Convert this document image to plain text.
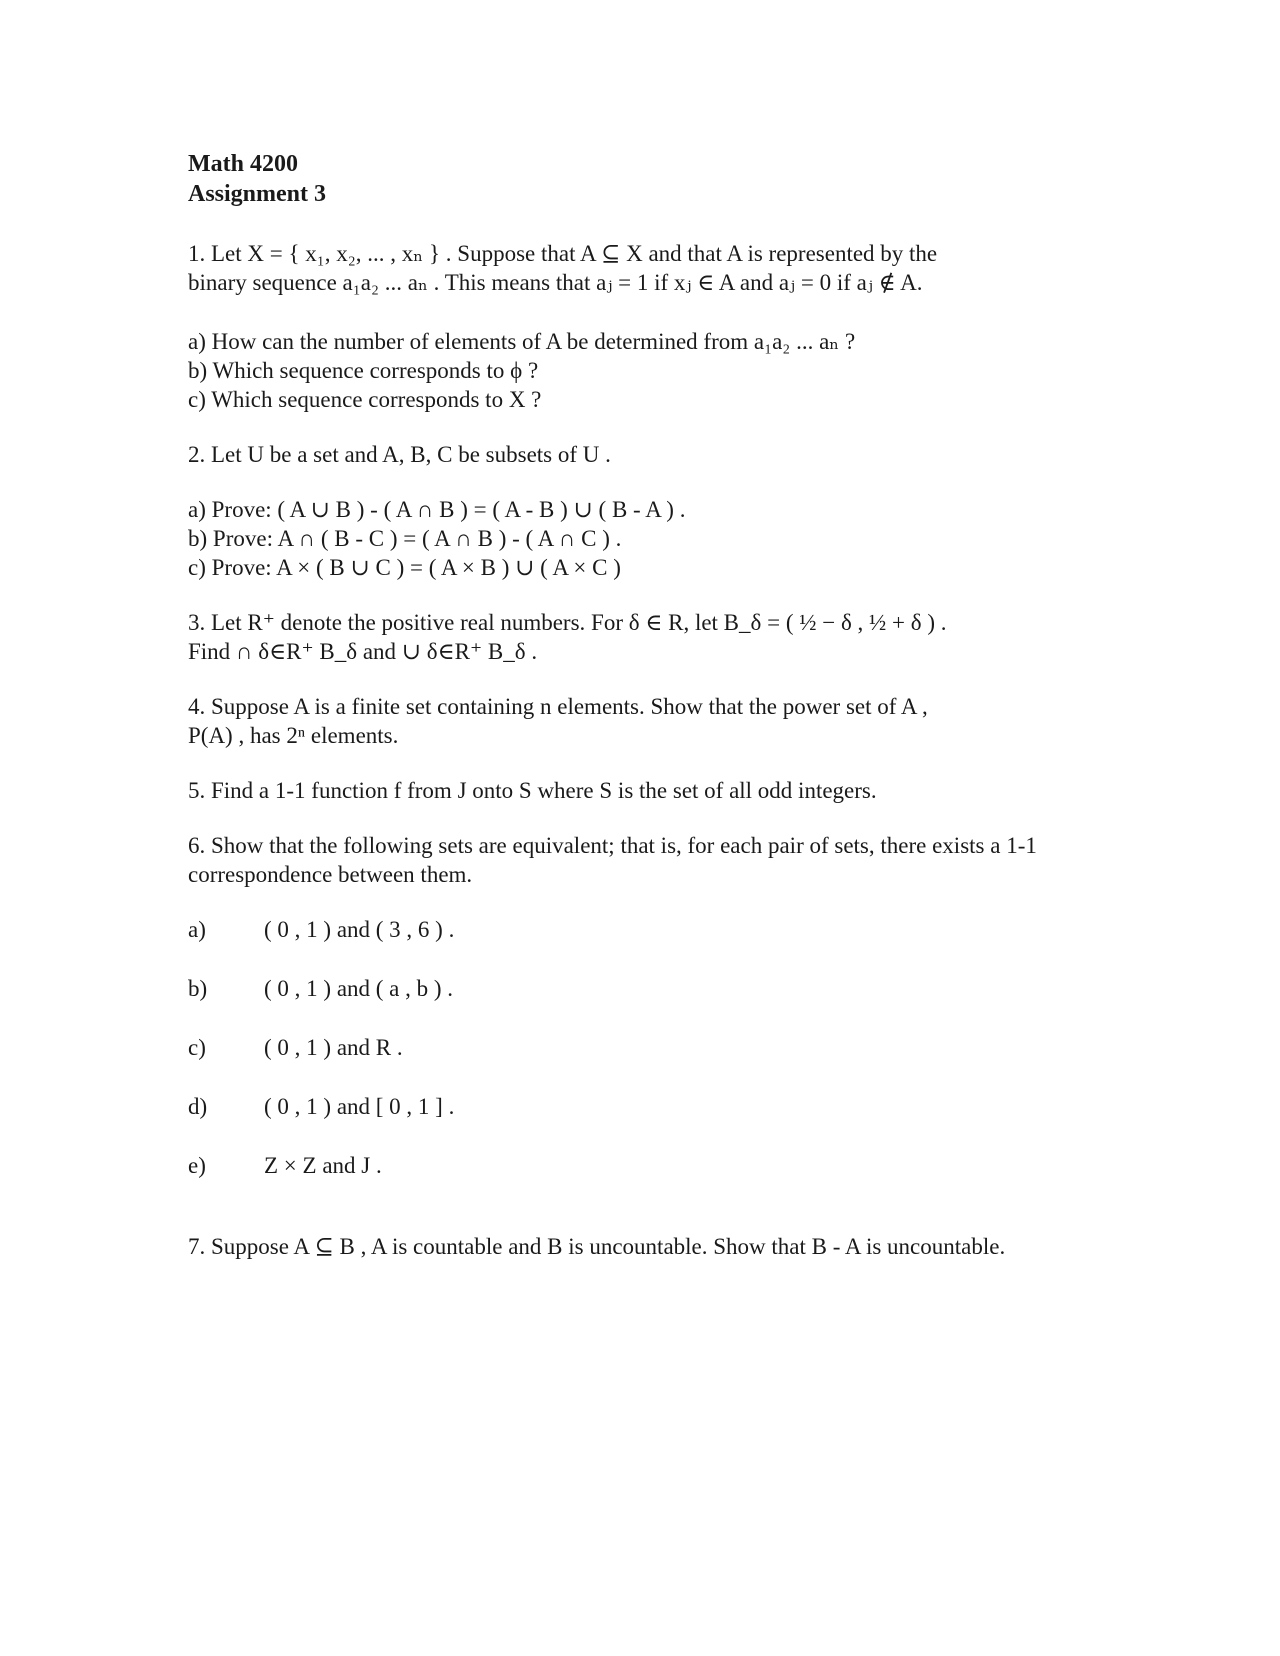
Math 4200
Assignment 3
1. Let X = { x₁, x₂, ... , xₙ } . Suppose that A ⊆ X and that A is represented by the
binary sequence a₁a₂ ... aₙ . This means that aⱼ = 1 if xⱼ ∈ A and aⱼ = 0 if aⱼ ∉ A.
a) How can the number of elements of A be determined from a₁a₂ ... aₙ ?
b) Which sequence corresponds to ϕ ?
c) Which sequence corresponds to X ?
2. Let U be a set and A, B, C be subsets of U .
a) Prove: ( A ∪ B ) - ( A ∩ B ) = ( A - B ) ∪ ( B - A ) .
b) Prove: A ∩ ( B - C ) = ( A ∩ B ) - ( A ∩ C ) .
c) Prove: A × ( B ∪ C ) = ( A × B ) ∪ ( A × C )
3. Let R⁺ denote the positive real numbers. For δ ∈ R, let B_δ = ( ½ − δ , ½ + δ ) .
Find ∩ δ∈R⁺ B_δ and ∪ δ∈R⁺ B_δ .
4. Suppose A is a finite set containing n elements. Show that the power set of A ,
P(A) , has 2ⁿ elements.
5. Find a 1-1 function f from J onto S where S is the set of all odd integers.
6. Show that the following sets are equivalent; that is, for each pair of sets, there exists a 1-1 correspondence between them.
a)	( 0 , 1 ) and ( 3 , 6 ) .
b)	( 0 , 1 ) and ( a , b ) .
c)	( 0 , 1 ) and R .
d)	( 0 , 1 ) and [ 0 , 1 ] .
e)	Z × Z and J .
7. Suppose A ⊆ B , A is countable and B is uncountable. Show that B - A is uncountable.
